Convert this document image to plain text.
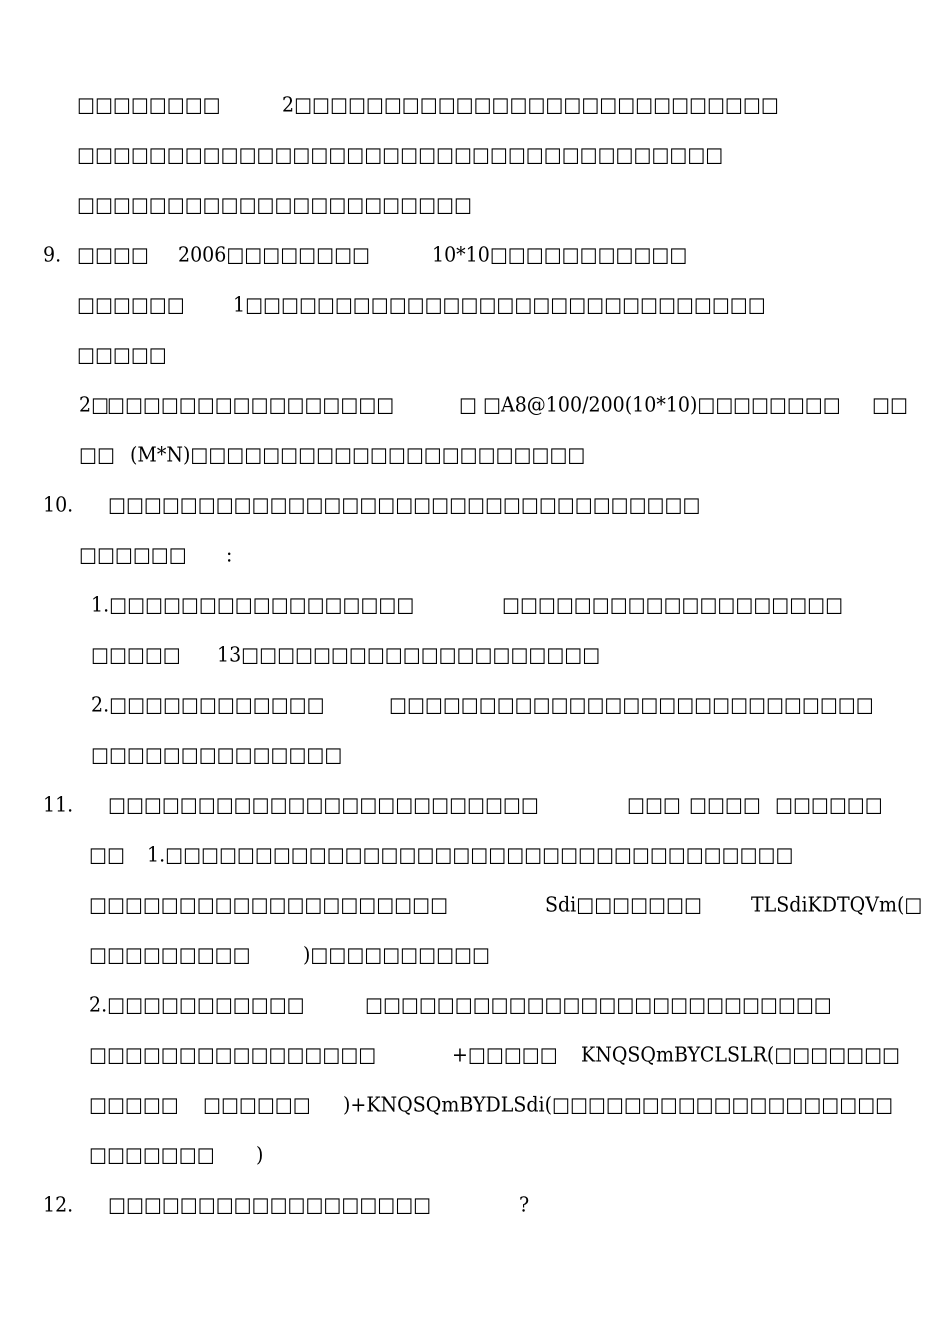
□□□□□□□□	2□□□□□□□□□□□□□□□□□□□□□□□□□□□
□□□□□□□□□□□□□□□□□□□□□□□□□□□□□□□□□□□□
□□□□□□□□□□□□□□□□□□□□□□
9. □□□□ 2006□□□□□□□□	10*10□□□□□□□□□□□
□□□□□□	1□□□□□□□□□□□□□□□□□□□□□□□□□□□□□
□□□□□
2□
□□□□□□□□□□□□□□□□	□ □ A8@100/200(10*10)□□ □□□□□□ □□
□□ (M*N)□□□□□□□□□□□□□□□□□□□□□□
10. □□□□□□□□□□□□□□□□□□□□□□□□□□□□□□□□□
□□□□□□ :
1.□□□□□□□□□□□□□□□□□	□□□□□□□□□□□□□□□□□□□
□□□□□ 13□□□□□□□□□□□□□□□□□□□□
2.□□□□□□□□□□□□	□□□□□□□□□□□□□□□□□□□□□□□□□□□
□□□□□□□□□□□□□□
11. □□□□□□□□□□□□□□□□□□□□□□□□	□□□ □□□□ □□□□□□
□□ 1.□□□□□□□□□□□□□□□□□□□□□□□□□□□□□□□□□□□
□□□□□□□□□□□□□□□□□□□□	Sdi□□□□□□□	TLSdiKDTQVm(□
□□□□□□□□□	)□□□□□□□□□□
2.□□□□□□□□□□□	□□□□□□□□□□□□□□□□□□□□□□□□□□
□□□□□□□□□□□□□□□□	+□□□□□ KNQSQmBYCLSLR(□□□□□□□
□□□□□ □□□□□□ )+KNQSQmBYDLSdi(□□□□□□□□□□□□□□□□□□□
□□□□□□□ )
12. □□□□□□□□□□□□□□□□□□	?
